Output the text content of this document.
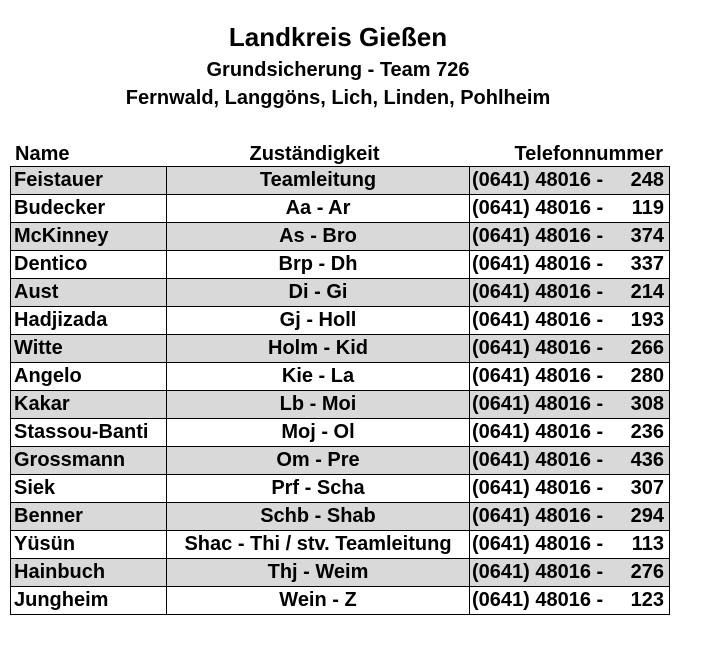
Landkreis Gießen
Grundsicherung - Team 726
Fernwald, Langgöns, Lich, Linden, Pohlheim
Name	Zuständigkeit	Telefonnummer
Feistauer	Teamleitung	(0641) 48016 - 248
Budecker	Aa - Ar	(0641) 48016 - 119
McKinney	As - Bro	(0641) 48016 - 374
Dentico	Brp - Dh	(0641) 48016 - 337
Aust	Di - Gi	(0641) 48016 - 214
Hadjizada	Gj - Holl	(0641) 48016 - 193
Witte	Holm - Kid	(0641) 48016 - 266
Angelo	Kie - La	(0641) 48016 - 280
Kakar	Lb - Moi	(0641) 48016 - 308
Stassou-Banti	Moj - Ol	(0641) 48016 - 236
Grossmann	Om - Pre	(0641) 48016 - 436
Siek	Prf - Scha	(0641) 48016 - 307
Benner	Schb - Shab	(0641) 48016 - 294
Yüsün	Shac - Thi / stv. Teamleitung	(0641) 48016 - 113
Hainbuch	Thj - Weim	(0641) 48016 - 276
Jungheim	Wein - Z	(0641) 48016 - 123
